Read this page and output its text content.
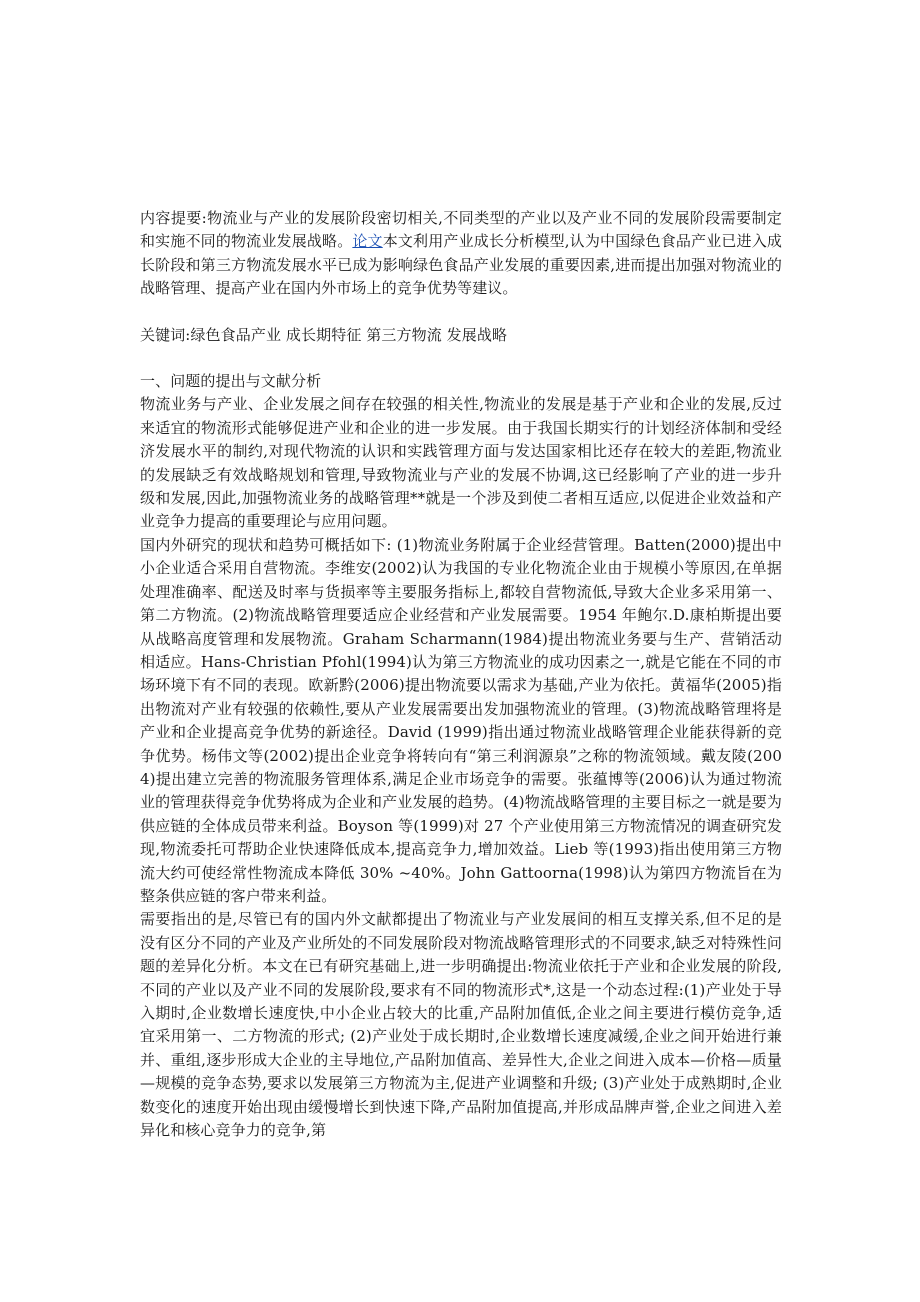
内容提要:物流业与产业的发展阶段密切相关,不同类型的产业以及产业不同的发展阶段需要制定和实施不同的物流业发展战略。论文本文利用产业成长分析模型,认为中国绿色食品产业已进入成长阶段和第三方物流发展水平已成为影响绿色食品产业发展的重要因素,进而提出加强对物流业的战略管理、提高产业在国内外市场上的竞争优势等建议。

关键词:绿色食品产业 成长期特征 第三方物流 发展战略

一、问题的提出与文献分析

物流业务与产业、企业发展之间存在较强的相关性,物流业的发展是基于产业和企业的发展,反过来适宜的物流形式能够促进产业和企业的进一步发展。由于我国长期实行的计划经济体制和受经济发展水平的制约,对现代物流的认识和实践管理方面与发达国家相比还存在较大的差距,物流业的发展缺乏有效战略规划和管理,导致物流业与产业的发展不协调,这已经影响了产业的进一步升级和发展,因此,加强物流业务的战略管理**就是一个涉及到使二者相互适应,以促进企业效益和产业竞争力提高的重要理论与应用问题。

国内外研究的现状和趋势可概括如下: (1)物流业务附属于企业经营管理。Batten(2000)提出中小企业适合采用自营物流。李维安(2002)认为我国的专业化物流企业由于规模小等原因,在单据处理准确率、配送及时率与货损率等主要服务指标上,都较自营物流低,导致大企业多采用第一、第二方物流。(2)物流战略管理要适应企业经营和产业发展需要。1954 年鲍尔.D.康柏斯提出要从战略高度管理和发展物流。Graham Scharmann(1984)提出物流业务要与生产、营销活动相适应。Hans-Christian Pfohl(1994)认为第三方物流业的成功因素之一,就是它能在不同的市场环境下有不同的表现。欧新黔(2006)提出物流要以需求为基础,产业为依托。黄福华(2005)指出物流对产业有较强的依赖性,要从产业发展需要出发加强物流业的管理。(3)物流战略管理将是产业和企业提高竞争优势的新途径。David (1999)指出通过物流业战略管理企业能获得新的竞争优势。杨伟文等(2002)提出企业竞争将转向有“第三利润源泉”之称的物流领域。戴友陵(2004)提出建立完善的物流服务管理体系,满足企业市场竞争的需要。张蕴博等(2006)认为通过物流业的管理获得竞争优势将成为企业和产业发展的趋势。(4)物流战略管理的主要目标之一就是要为供应链的全体成员带来利益。Boyson 等(1999)对 27 个产业使用第三方物流情况的调查研究发现,物流委托可帮助企业快速降低成本,提高竞争力,增加效益。Lieb 等(1993)指出使用第三方物流大约可使经常性物流成本降低 30% ~40%。John Gattoorna(1998)认为第四方物流旨在为整条供应链的客户带来利益。

需要指出的是,尽管已有的国内外文献都提出了物流业与产业发展间的相互支撑关系,但不足的是没有区分不同的产业及产业所处的不同发展阶段对物流战略管理形式的不同要求,缺乏对特殊性问题的差异化分析。本文在已有研究基础上,进一步明确提出:物流业依托于产业和企业发展的阶段,不同的产业以及产业不同的发展阶段,要求有不同的物流形式*,这是一个动态过程:(1)产业处于导入期时,企业数增长速度快,中小企业占较大的比重,产品附加值低,企业之间主要进行模仿竞争,适宜采用第一、二方物流的形式; (2)产业处于成长期时,企业数增长速度减缓,企业之间开始进行兼并、重组,逐步形成大企业的主导地位,产品附加值高、差异性大,企业之间进入成本—价格—质量—规模的竞争态势,要求以发展第三方物流为主,促进产业调整和升级; (3)产业处于成熟期时,企业数变化的速度开始出现由缓慢增长到快速下降,产品附加值提高,并形成品牌声誉,企业之间进入差异化和核心竞争力的竞争,第
